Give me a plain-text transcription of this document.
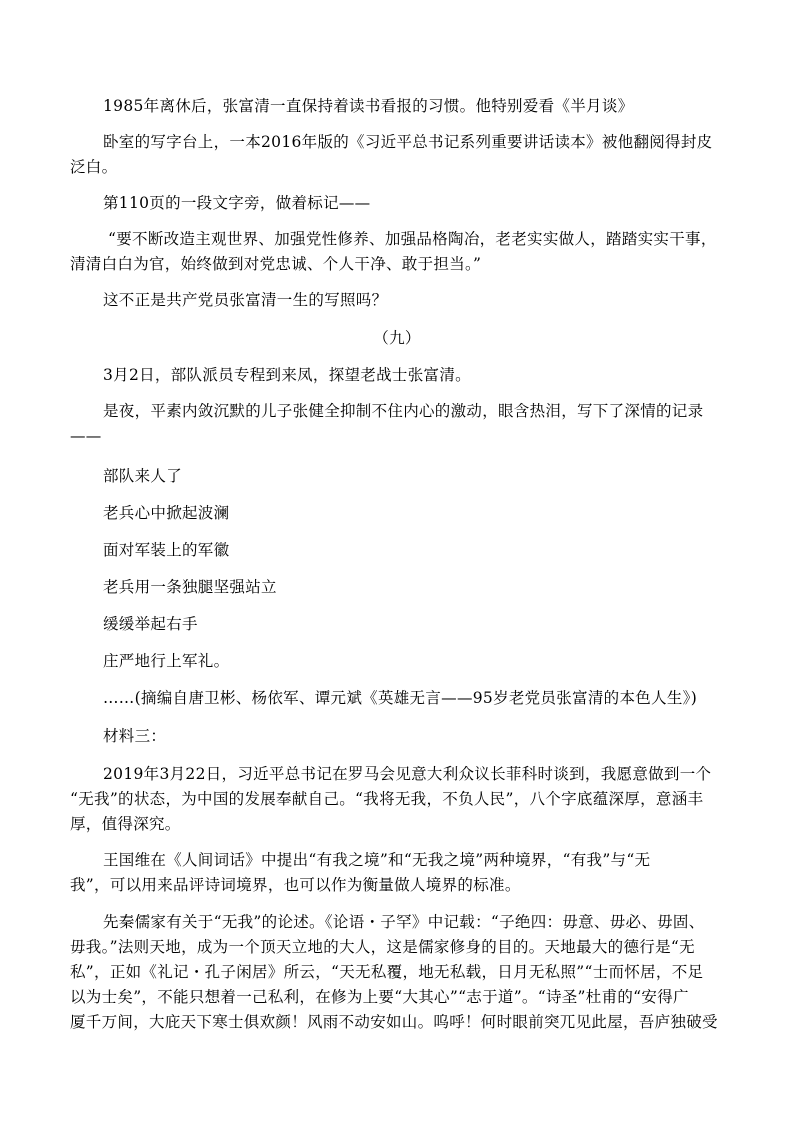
1985年离休后，张富清一直保持着读书看报的习惯。他特别爱看《半月谈》
卧室的写字台上，一本2016年版的《习近平总书记系列重要讲话读本》被他翻阅得封皮
泛白。
第110页的一段文字旁，做着标记——
“要不断改造主观世界、加强党性修养、加强品格陶冶，老老实实做人，踏踏实实干事，
清清白白为官，始终做到对党忠诚、个人干净、敢于担当。”
这不正是共产党员张富清一生的写照吗？
（九）
3月2日，部队派员专程到来凤，探望老战士张富清。
是夜，平素内敛沉默的儿子张健全抑制不住内心的激动，眼含热泪，写下了深情的记录
——
部队来人了
老兵心中掀起波澜
面对军装上的军徽
老兵用一条独腿坚强站立
缓缓举起右手
庄严地行上军礼。
……(摘编自唐卫彬、杨依军、谭元斌《英雄无言——95岁老党员张富清的本色人生》)
材料三：
2019年3月22日，习近平总书记在罗马会见意大利众议长菲科时谈到，我愿意做到一个
“无我”的状态，为中国的发展奉献自己。“我将无我，不负人民”，八个字底蕴深厚，意涵丰
厚，值得深究。
王国维在《人间词话》中提出“有我之境”和“无我之境”两种境界，“有我”与“无
我”，可以用来品评诗词境界，也可以作为衡量做人境界的标准。
先秦儒家有关于“无我”的论述。《论语・子罕》中记载：“子绝四：毋意、毋必、毋固、
毋我。”法则天地，成为一个顶天立地的大人，这是儒家修身的目的。天地最大的德行是“无
私”，正如《礼记・孔子闲居》所云，“天无私覆，地无私载，日月无私照”“士而怀居，不足
以为士矣”，不能只想着一己私利，在修为上要“大其心”“志于道”。“诗圣”杜甫的“安得广
厦千万间，大庇天下寒士俱欢颜！风雨不动安如山。呜呼！何时眼前突兀见此屋，吾庐独破受
